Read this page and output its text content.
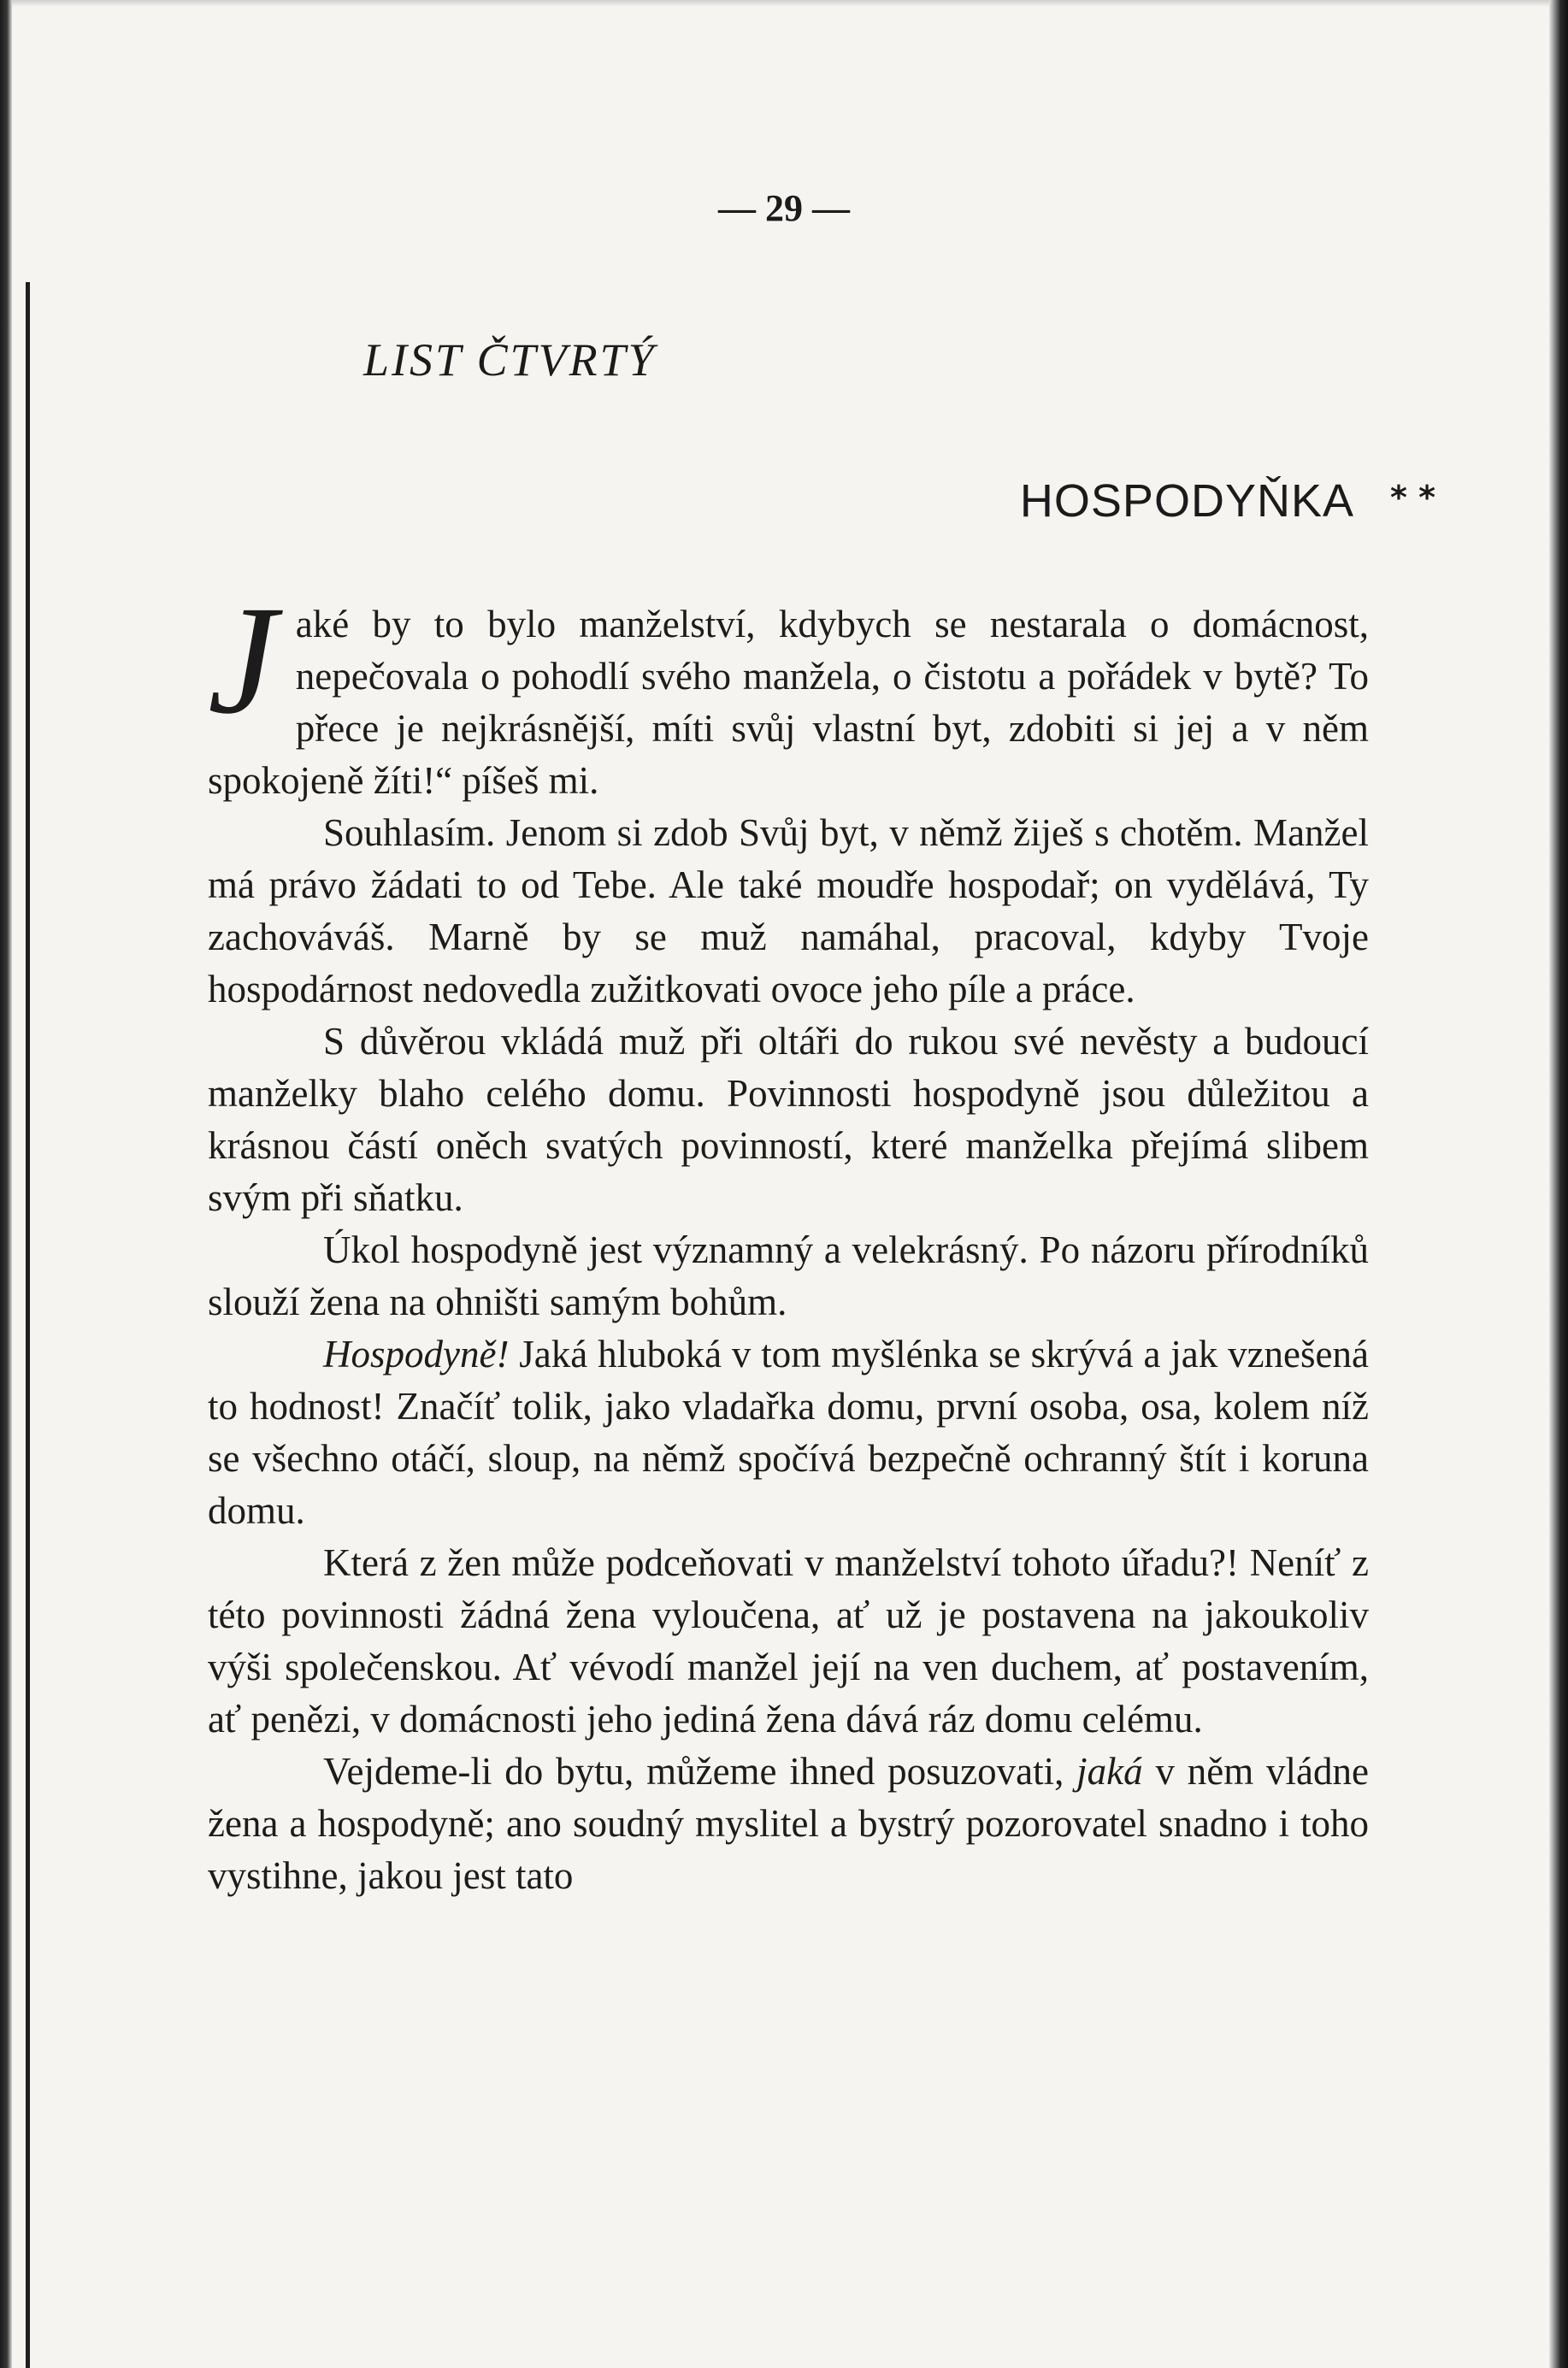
— 29 —
LIST ČTVRTÝ
HOSPODYŇKA * *

Jaké by to bylo manželství, kdybych se nestarala o domácnost, nepečovala o pohodlí svého manžela, o čistotu a pořádek v bytě? To přece je nejkrásnější, míti svůj vlastní byt, zdobiti si jej a v něm spokojeně žíti!“ píšeš mi.

Souhlasím. Jenom si zdob Svůj byt, v němž žiješ s chotěm. Manžel má právo žádati to od Tebe. Ale také moudře hospodař; on vydělává, Ty zachováváš. Marně by se muž namáhal, pracoval, kdyby Tvoje hospodárnost nedovedla zužitkovati ovoce jeho píle a práce.

S důvěrou vkládá muž při oltáři do rukou své nevěsty a budoucí manželky blaho celého domu. Povinnosti hospodyně jsou důležitou a krásnou částí oněch svatých povinností, které manželka přejímá slibem svým při sňatku.

Úkol hospodyně jest významný a velekrásný. Po názoru přírodníků slouží žena na ohništi samým bohům.

Hospodyně! Jaká hluboká v tom myšlénka se skrývá a jak vznešená to hodnost! Značíť tolik, jako vladařka domu, první osoba, osa, kolem níž se všechno otáčí, sloup, na němž spočívá bezpečně ochranný štít i koruna domu.

Která z žen může podceňovati v manželství tohoto úřadu?! Neníť z této povinnosti žádná žena vyloučena, ať už je postavena na jakoukoliv výši společenskou. Ať vévodí manžel její na ven duchem, ať postavením, ať penězi, v domácnosti jeho jediná žena dává ráz domu celému.

Vejdeme-li do bytu, můžeme ihned posuzovati, jaká v něm vládne žena a hospodyně; ano soudný myslitel a bystrý pozorovatel snadno i toho vystihne, jakou jest tato
